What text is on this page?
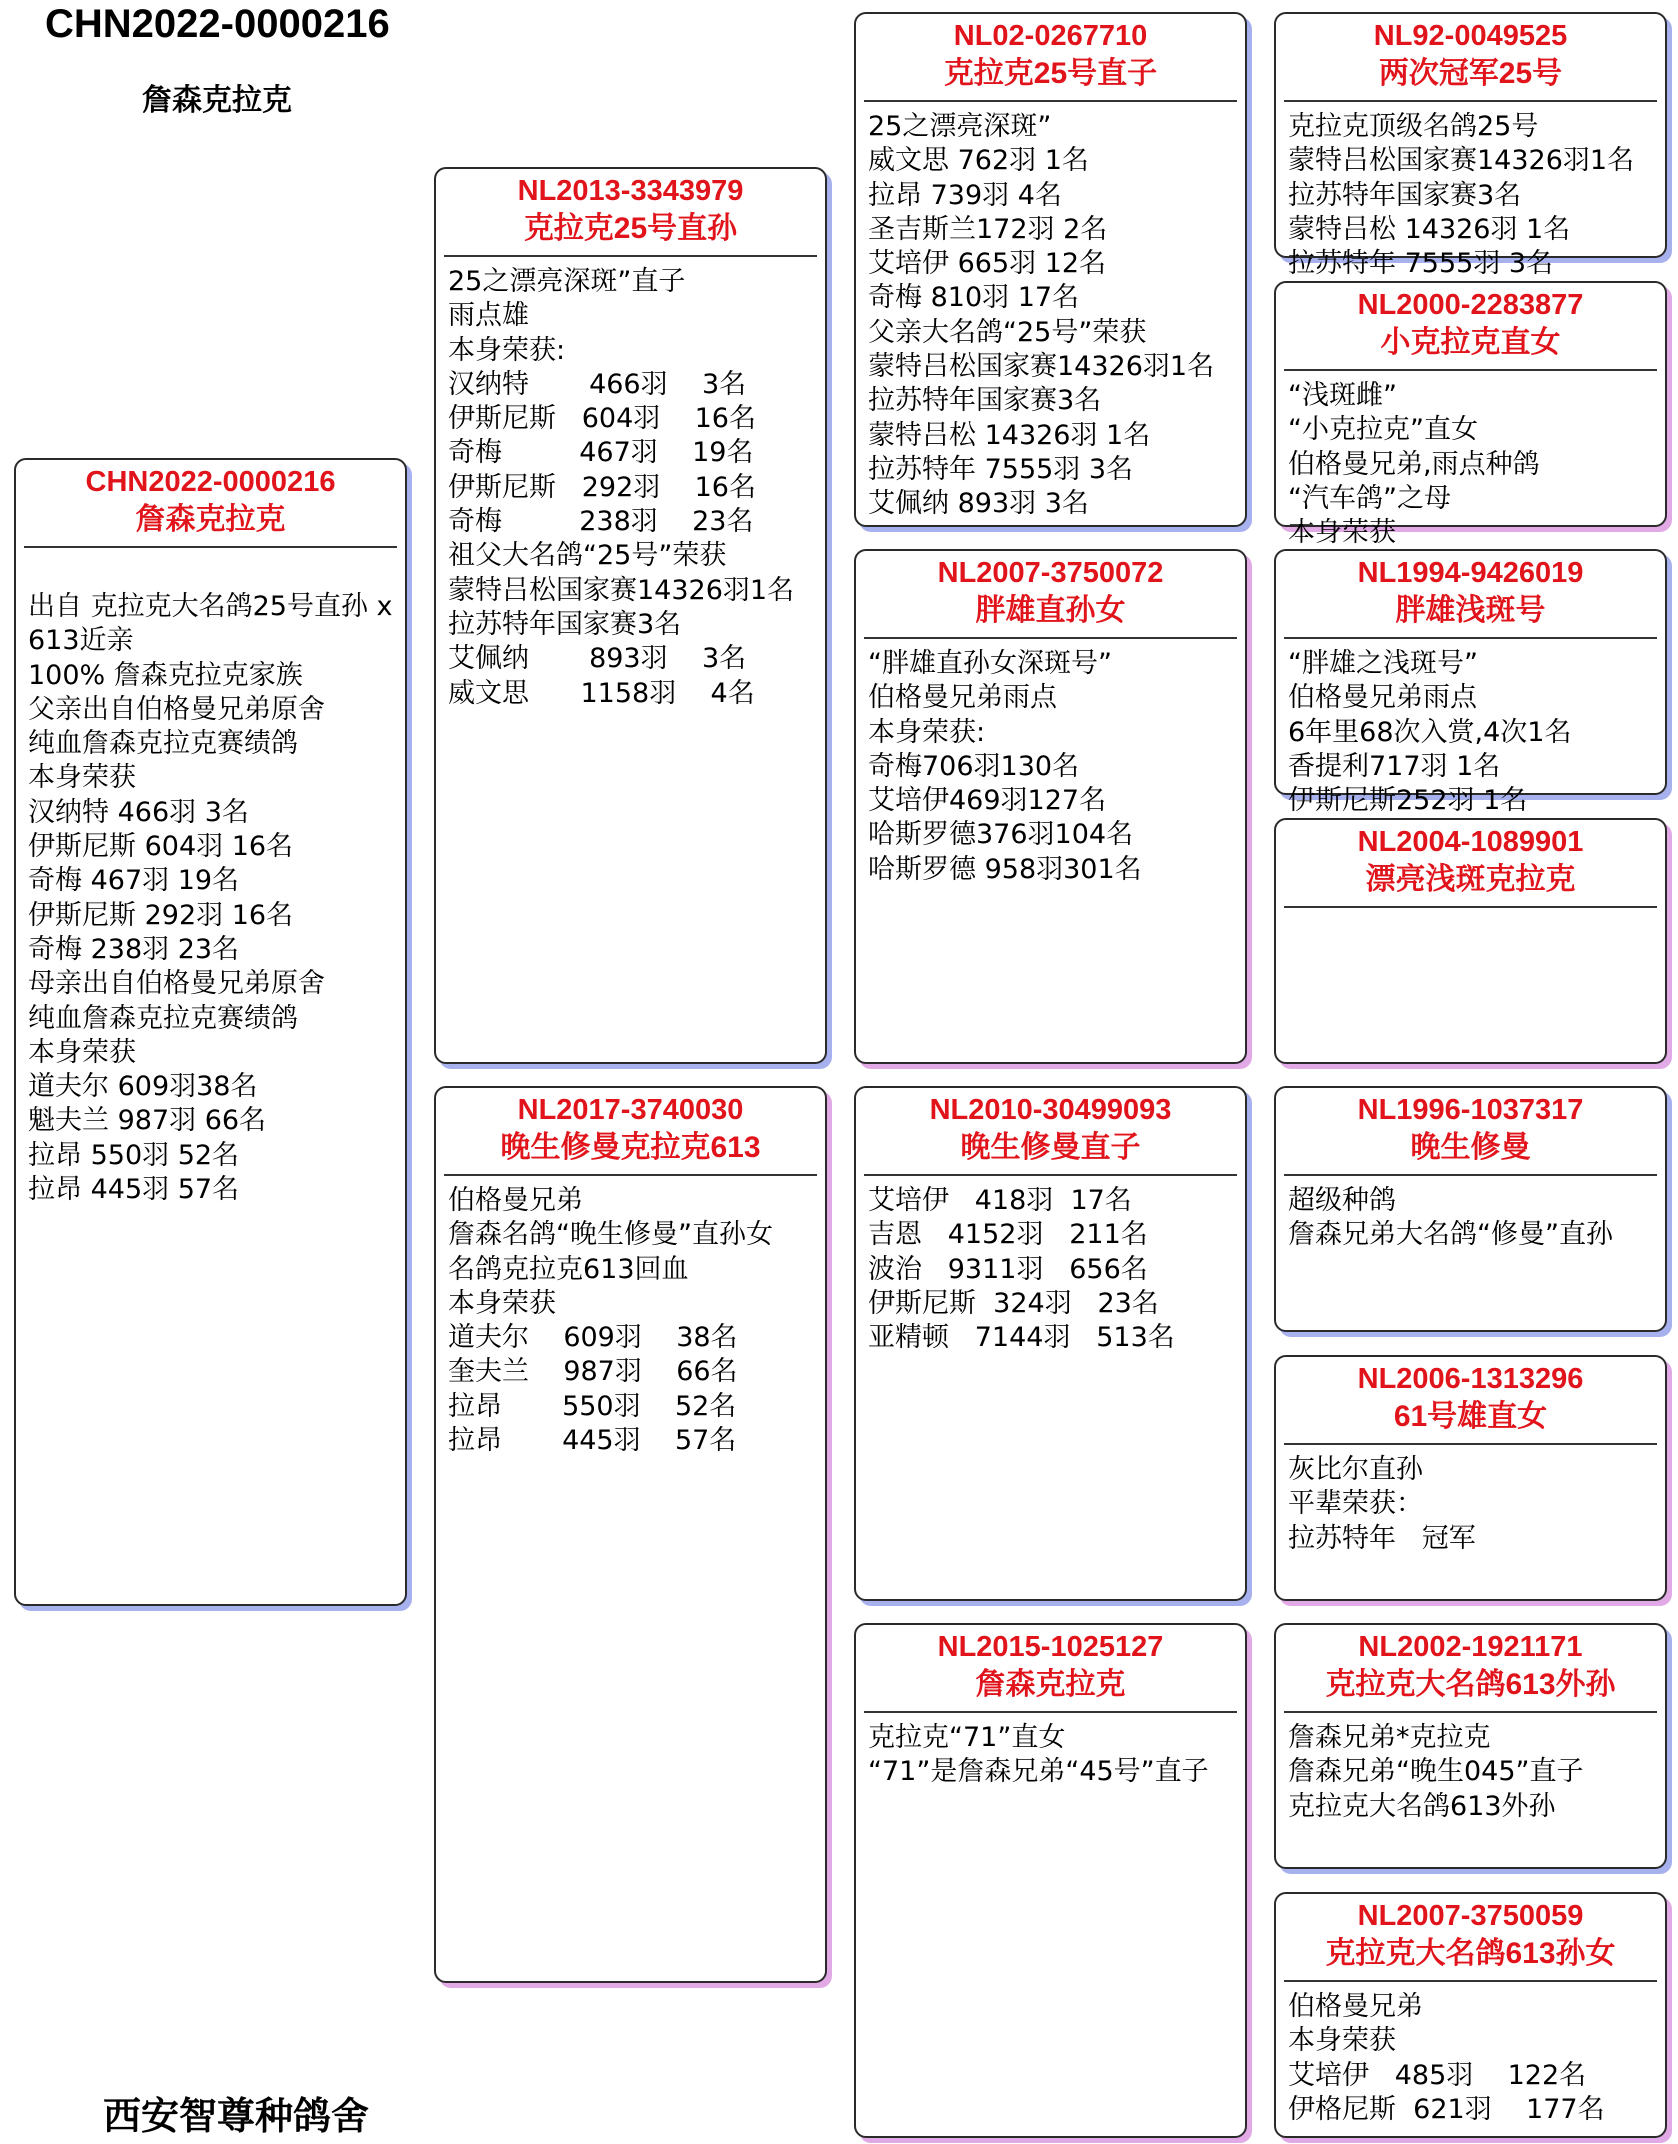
CHN2022-0000216
詹森克拉克
CHN2022-0000216
詹森克拉克
出自 克拉克大名鸽25号直孙 x
613近亲
100% 詹森克拉克家族
父亲出自伯格曼兄弟原舍
纯血詹森克拉克赛绩鸽
本身荣获
汉纳特 466羽 3名
伊斯尼斯 604羽 16名
奇梅 467羽 19名
伊斯尼斯 292羽 16名
奇梅 238羽 23名
母亲出自伯格曼兄弟原舍
纯血詹森克拉克赛绩鸽
本身荣获
道夫尔 609羽38名
魁夫兰 987羽 66名
拉昂 550羽 52名
拉昂 445羽 57名
NL2013-3343979
克拉克25号直孙
25之漂亮深斑”直子
雨点雄
本身荣获:
汉纳特       466羽    3名
伊斯尼斯   604羽    16名
奇梅         467羽    19名
伊斯尼斯   292羽    16名
奇梅         238羽    23名
祖父大名鸽“25号”荣获
蒙特吕松国家赛14326羽1名
拉苏特年国家赛3名
艾佩纳       893羽    3名
威文思      1158羽    4名
NL2017-3740030
晚生修曼克拉克613
伯格曼兄弟
詹森名鸽“晚生修曼”直孙女
名鸽克拉克613回血
本身荣获
道夫尔    609羽    38名
奎夫兰    987羽    66名
拉昂       550羽    52名
拉昂       445羽    57名
NL02-0267710
克拉克25号直子
25之漂亮深斑”
威文思 762羽 1名
拉昂 739羽 4名
圣吉斯兰172羽 2名
艾培伊 665羽 12名
奇梅 810羽 17名
父亲大名鸽“25号”荣获
蒙特吕松国家赛14326羽1名
拉苏特年国家赛3名
蒙特吕松 14326羽 1名
拉苏特年 7555羽 3名
艾佩纳 893羽 3名
NL2007-3750072
胖雄直孙女
“胖雄直孙女深斑号”
伯格曼兄弟雨点
本身荣获:
奇梅706羽130名
艾培伊469羽127名
哈斯罗德376羽104名
哈斯罗德 958羽301名
NL2010-30499093
晚生修曼直子
艾培伊   418羽  17名
吉恩   4152羽   211名
波治   9311羽   656名
伊斯尼斯  324羽   23名
亚精顿   7144羽   513名
NL2015-1025127
詹森克拉克
克拉克“71”直女
“71”是詹森兄弟“45号”直子
NL92-0049525
两次冠军25号
克拉克顶级名鸽25号
蒙特吕松国家赛14326羽1名
拉苏特年国家赛3名
蒙特吕松 14326羽 1名
拉苏特年 7555羽 3名
NL2000-2283877
小克拉克直女
“浅斑雌”
“小克拉克”直女
伯格曼兄弟,雨点种鸽
“汽车鸽”之母
本身荣获
NL1994-9426019
胖雄浅斑号
“胖雄之浅斑号”
伯格曼兄弟雨点
6年里68次入赏,4次1名
香提利717羽 1名
伊斯尼斯252羽 1名
NL2004-1089901
漂亮浅斑克拉克
NL1996-1037317
晚生修曼
超级种鸽
詹森兄弟大名鸽“修曼”直孙
NL2006-1313296
61号雄直女
灰比尔直孙
平辈荣获：
拉苏特年   冠军
NL2002-1921171
克拉克大名鸽613外孙
詹森兄弟*克拉克
詹森兄弟“晚生045”直子
克拉克大名鸽613外孙
NL2007-3750059
克拉克大名鸽613孙女
伯格曼兄弟
本身荣获
艾培伊   485羽    122名
伊格尼斯  621羽    177名
西安智尊种鸽舍
